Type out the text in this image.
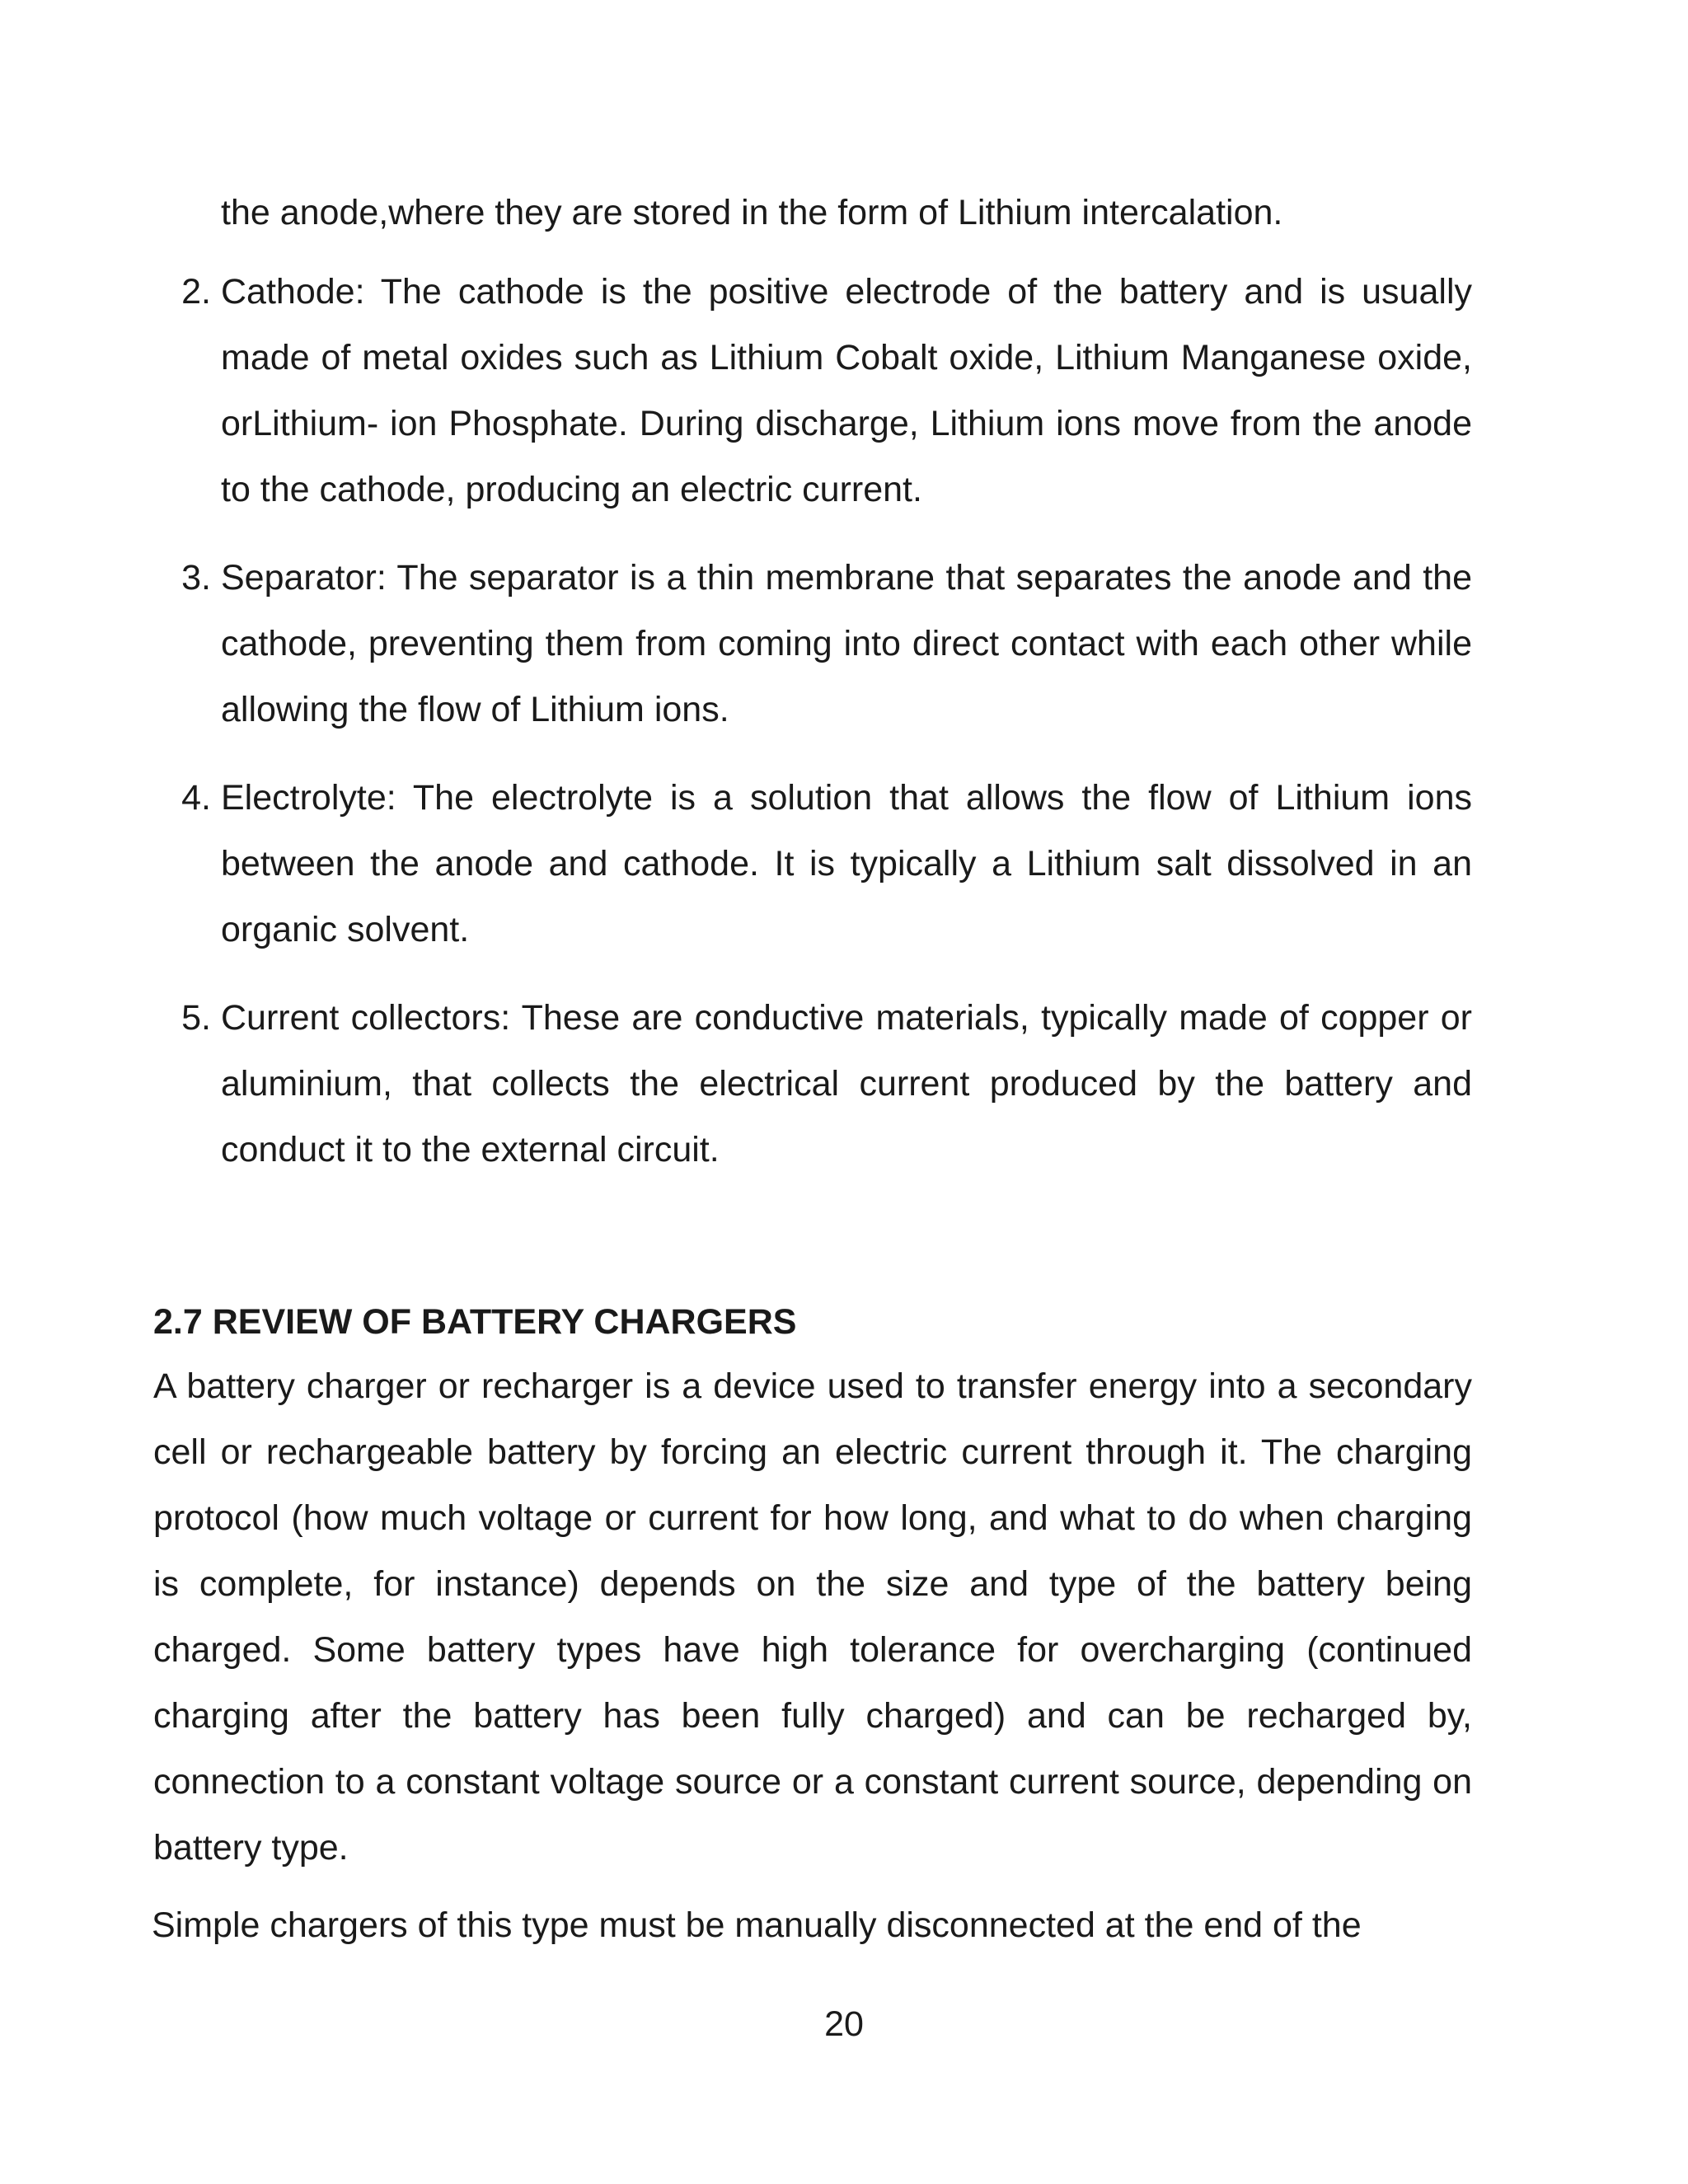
the anode,where they are stored in the form of Lithium intercalation.
2. Cathode: The cathode is the positive electrode of the battery and is usually made of metal oxides such as Lithium Cobalt oxide, Lithium Manganese oxide, orLithium- ion Phosphate. During discharge, Lithium ions move from the anode to the cathode, producing an electric current.
3. Separator: The separator is a thin membrane that separates the anode and the cathode, preventing them from coming into direct contact with each other while allowing the flow of Lithium ions.
4. Electrolyte: The electrolyte is a solution that allows the flow of Lithium ions between the anode and cathode. It is typically a Lithium salt dissolved in an organic solvent.
5. Current collectors: These are conductive materials, typically made of copper or aluminium, that collects the electrical current produced by the battery and conduct it to the external circuit.
2.7 REVIEW OF BATTERY CHARGERS

A battery charger or recharger is a device used to transfer energy into a secondary cell or rechargeable battery by forcing an electric current through it. The charging protocol (how much voltage or current for how long, and what to do when charging is complete, for instance) depends on the size and type of the battery being charged. Some battery types have high tolerance for overcharging (continued charging after the battery has been fully charged) and can be recharged by, connection to a constant voltage source or a constant current source, depending on battery type.

Simple chargers of this type must be manually disconnected at the end of the

20
